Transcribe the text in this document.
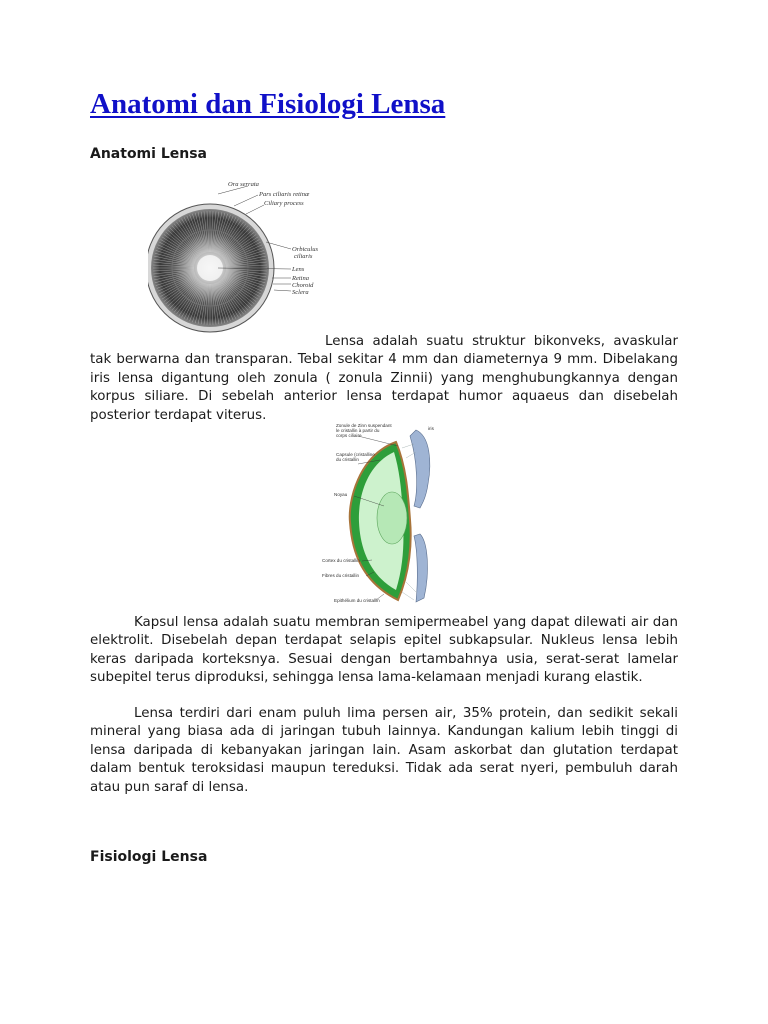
Anatomi dan Fisiologi Lensa
Anatomi Lensa
Ora serrata
Pars ciliaris retinæ
Ciliary process
Orbiculus
ciliaris
Lens
Retina
Choroid
Sclera

Lensa adalah suatu struktur bikonveks, avaskular tak berwarna dan transparan. Tebal sekitar 4 mm dan diameternya 9 mm. Dibelakang iris lensa digantung oleh zonula ( zonula Zinnii) yang menghubungkannya dengan korpus siliare. Di sebelah anterior lensa terdapat humor aquaeus dan disebelah posterior terdapat viterus.

Zonule de Zinn suspendant
le cristallin à partir du
corps ciliaire
Capsule (cristalline
du cristallin
Noyau
Cortex du cristallin
Fibres du cristallin
Epithélium du cristallin
iris

Kapsul lensa adalah suatu membran semipermeabel yang dapat dilewati air dan elektrolit. Disebelah depan terdapat selapis epitel subkapsular. Nukleus lensa lebih keras daripada korteksnya. Sesuai dengan bertambahnya usia, serat-serat lamelar subepitel terus diproduksi, sehingga lensa lama-kelamaan menjadi kurang elastik.

Lensa terdiri dari enam puluh lima persen air, 35% protein, dan sedikit sekali mineral yang biasa ada di jaringan tubuh lainnya. Kandungan kalium lebih tinggi di lensa daripada di kebanyakan jaringan lain. Asam askorbat dan glutation terdapat dalam bentuk teroksidasi maupun tereduksi. Tidak ada serat nyeri, pembuluh darah atau pun saraf di lensa.

Fisiologi Lensa
